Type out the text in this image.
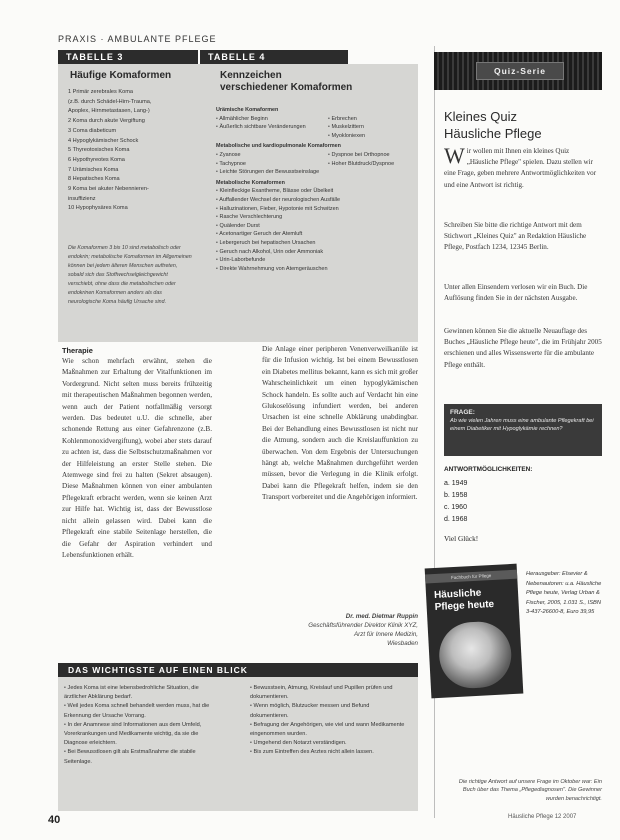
PRAXIS · AMBULANTE PFLEGE
TABELLE 3	TABELLE 4
Häufige Komaformen
1 Primär zerebrales Koma
(z.B. durch Schädel-Hirn-Trauma,
Apoplex, Hirnmetastasen, Lang-)
2 Koma durch akute Vergiftung
3 Coma diabeticum
4 Hypoglykämischer Schock
5 Thyreotoxisches Koma
6 Hypothyreotes Koma
7 Urämisches Koma
8 Hepatisches Koma
9 Koma bei akuter Nebennieren-
insuffizienz
10 Hypophysäres Koma
Die Komaformen 3 bis 10 sind metabolisch oder endokrin; metabolische Komaformen im Allgemeinen können bei jedem älteren Menschen auftreten, sobald sich das Stoffwechselgleichgewicht verschiebt, ohne dass die metabolischen oder endokrinen Komaformen anders als das neurologische Koma häufig Ursache sind.
Kennzeichen
verschiedener Komaformen
Urämische Komaformen
▪ Allmählicher Beginn
▪ Äußerlich sichtbare Veränderungen
▪ Erbrechen
▪ Muskelzittern
▪ Myokloniexen
Metabolische und kardiopulmonale Komaformen
▪ Zyanose
▪ Tachypnoe
▪ Leichte Störungen der Bewusstseinslage
▪ Dyspnoe bei Orthopnoe
▪ Hoher Blutdruck/Dyspnoe
Metabolische Komaformen
▪ Kleinfleckige Exantheme, Blässe oder Übelkeit
▪ Auffallender Wechsel der neurologischen Ausfälle
▪ Halluzinationen, Fieber, Hypotonie mit Schwitzen
▪ Rasche Verschlechterung
▪ Quälender Durst
▪ Acetonartiger Geruch der Atemluft
▪ Lebergeruch bei hepatischen Ursachen
▪ Geruch nach Alkohol, Urin oder Ammoniak
▪ Urin-Laborbefunde
▪ Direkte Wahrnehmung von Atemgeräuschen
Therapie
Wie schon mehrfach erwähnt, stehen die Maßnahmen zur Erhaltung der Vitalfunktionen im Vordergrund. Nicht selten muss bereits frühzeitig mit therapeutischen Maßnahmen begonnen werden, wenn auch der Patient notfallmäßig versorgt werden. Das bedeutet u.U. die schnelle, aber schonende Rettung aus einer Gefahrenzone (z.B. Kohlenmonoxidvergiftung), wobei aber stets darauf zu achten ist, dass die Selbstschutzmaßnahmen vor der Hilfeleistung an erster Stelle stehen. Die Atemwege sind frei zu halten (Sekret absaugen). Diese Maßnahmen können von einer ambulanten Pflegekraft erbracht werden, wenn sie keinen Arzt zur Hilfe hat. Wichtig ist, dass der Bewusstlose nicht allein gelassen wird. Dabei kann die Pflegekraft eine stabile Seitenlage herstellen, die die Gefahr der Aspiration verhindert und Lebensfunktionen erhält.
Die Anlage einer peripheren Venenverweilkanüle ist für die Infusion wichtig. Ist bei einem Bewusstlosen ein Diabetes mellitus bekannt, kann es sich mit großer Wahrscheinlichkeit um einen hypoglykämischen Schock handeln. Es sollte auch auf Verdacht hin eine Glukoselösung infundiert werden, bei anderen Ursachen ist eine schnelle Abklärung unabdingbar. Bei der Behandlung eines Bewusstlosen ist nicht nur die Atmung, sondern auch die Kreislauffunktion zu überwachen. Von dem Ergebnis der Untersuchungen hängt ab, welche Maßnahmen durchgeführt werden müssen, bevor die Verlegung in die Klinik erfolgt. Dabei kann die Pflegekraft helfen, indem sie den Transport vorbereitet und die Angehörigen informiert.
Dr. med. Dietmar Ruppin
Geschäftsführender Direktor Klinik XYZ,
Arzt für Innere Medizin,
Wiesbaden
DAS WICHTIGSTE AUF EINEN BLICK
▪ Jedes Koma ist eine lebensbedrohliche Situation, die ärztlicher Abklärung bedarf.
▪ Weil jedes Koma schnell behandelt werden muss, hat die Erkennung der Ursache Vorrang.
▪ In der Anamnese sind Informationen aus dem Umfeld, Vorerkrankungen und Medikamente wichtig, da sie die Diagnose erleichtern.
▪ Bei Bewusstlosen gilt als Erstmaßnahme die stabile Seitenlage.
▪ Bewusstsein, Atmung, Kreislauf und Pupillen prüfen und dokumentieren.
▪ Wenn möglich, Blutzucker messen und Befund dokumentieren.
▪ Befragung der Angehörigen, wie viel und wann Medikamente eingenommen wurden.
▪ Umgehend den Notarzt verständigen.
▪ Bis zum Eintreffen des Arztes nicht allein lassen.
40	Häusliche Pflege 12 2007
Quiz-Serie
Kleines Quiz
Häusliche Pflege
Wir wollen mit Ihnen ein kleines Quiz „Häusliche Pflege" spielen. Dazu stellen wir eine Frage, geben mehrere Antwortmöglichkeiten vor und eine Antwort ist richtig.
Schreiben Sie bitte die richtige Antwort mit dem Stichwort „Kleines Quiz" an Redaktion Häusliche Pflege, Postfach 1234, 12345 Berlin.
Unter allen Einsendern verlosen wir ein Buch. Die Auflösung finden Sie in der nächsten Ausgabe.
Gewinnen können Sie die aktuelle Neuauflage des Buches „Häusliche Pflege heute", die im Frühjahr 2005 erschienen und alles Wissenswerte für die ambulante Pflege enthält.
FRAGE:
Ab wie vielen Jahren muss eine ambulante Pflegekraft bei einem Diabetiker mit Hypoglykämie rechnen?
ANTWORTMÖGLICHKEITEN:
a. 1949
b. 1958
c. 1960
d. 1968
Viel Glück!
Fachbuch für Pflege
Häusliche
Pflege heute
Herausgeber: Elsevier & Nebenautoren: u.a. Häusliche Pflege heute, Verlag Urban & Fischer, 2005, 1.031 S., ISBN 3-437-26600-8, Euro 39,95
Die richtige Antwort auf unsere Frage im Oktober war: Ein Buch über das Thema „Pflegediagnosen". Die Gewinner wurden benachrichtigt.
